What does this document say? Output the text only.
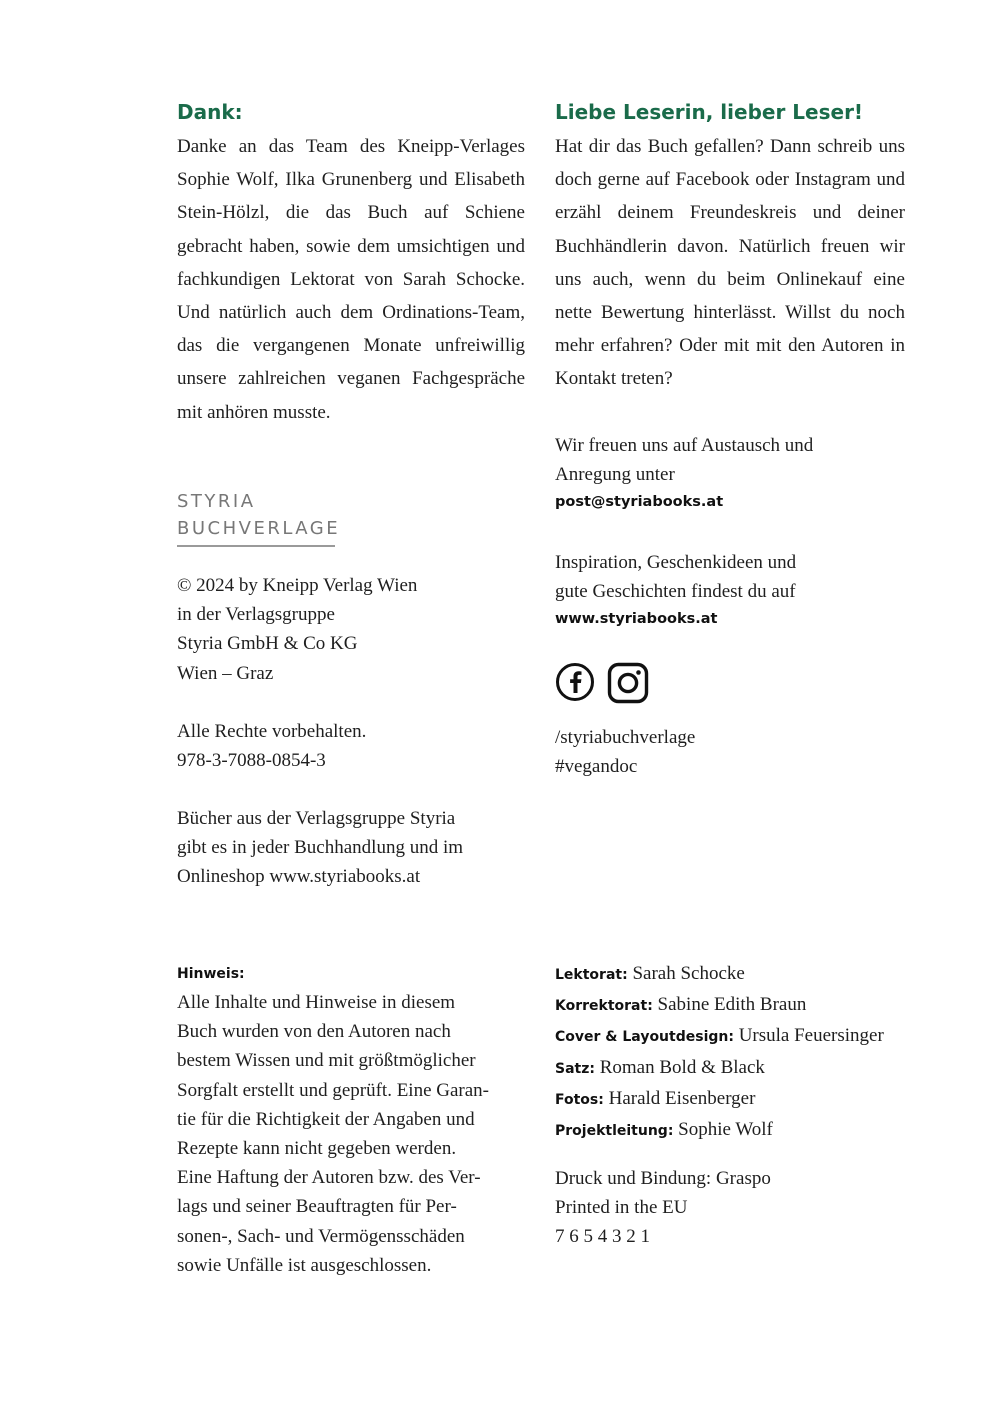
Dank:

Danke an das Team des Kneipp-Verlages Sophie Wolf, Ilka Grunenberg und Elisabeth Stein-Hölzl, die das Buch auf Schiene gebracht haben, sowie dem umsichtigen und fachkundigen Lektorat von Sarah Schocke. Und natürlich auch dem Ordinations-Team, das die vergangenen Monate unfreiwillig unsere zahlreichen veganen Fachgespräche mit anhören musste.

Liebe Leserin, lieber Leser!

Hat dir das Buch gefallen? Dann schreib uns doch gerne auf Facebook oder Instagram und erzähl deinem Freundeskreis und deiner Buchhändlerin davon. Natürlich freuen wir uns auch, wenn du beim Onlinekauf eine nette Bewertung hinterlässt. Willst du noch mehr erfahren? Oder mit mit den Autoren in Kontakt treten?

Wir freuen uns auf Austausch und
Anregung unter

post@styriabooks.at

Inspiration, Geschenkideen und
gute Geschichten findest du auf

www.styriabooks.at
/styriabuchverlage
#vegandoc
STYRIA
BUCHVERLAGE

© 2024 by Kneipp Verlag Wien
in der Verlagsgruppe
Styria GmbH & Co KG
Wien – Graz

Alle Rechte vorbehalten.
978-3-7088-0854-3

Bücher aus der Verlagsgruppe Styria
gibt es in jeder Buchhandlung und im
Onlineshop www.styriabooks.at

Hinweis:

Alle Inhalte und Hinweise in diesem
Buch wurden von den Autoren nach
bestem Wissen und mit größtmöglicher
Sorgfalt erstellt und geprüft. Eine Garan-
tie für die Richtigkeit der Angaben und
Rezepte kann nicht gegeben werden.
Eine Haftung der Autoren bzw. des Ver-
lags und seiner Beauftragten für Per-
sonen-, Sach- und Vermögensschäden
sowie Unfälle ist ausgeschlossen.

Lektorat: Sarah Schocke
Korrektorat: Sabine Edith Braun
Cover & Layoutdesign: Ursula Feuersinger
Satz: Roman Bold & Black
Fotos: Harald Eisenberger
Projektleitung: Sophie Wolf

Druck und Bindung: Graspo
Printed in the EU
7 6 5 4 3 2 1
